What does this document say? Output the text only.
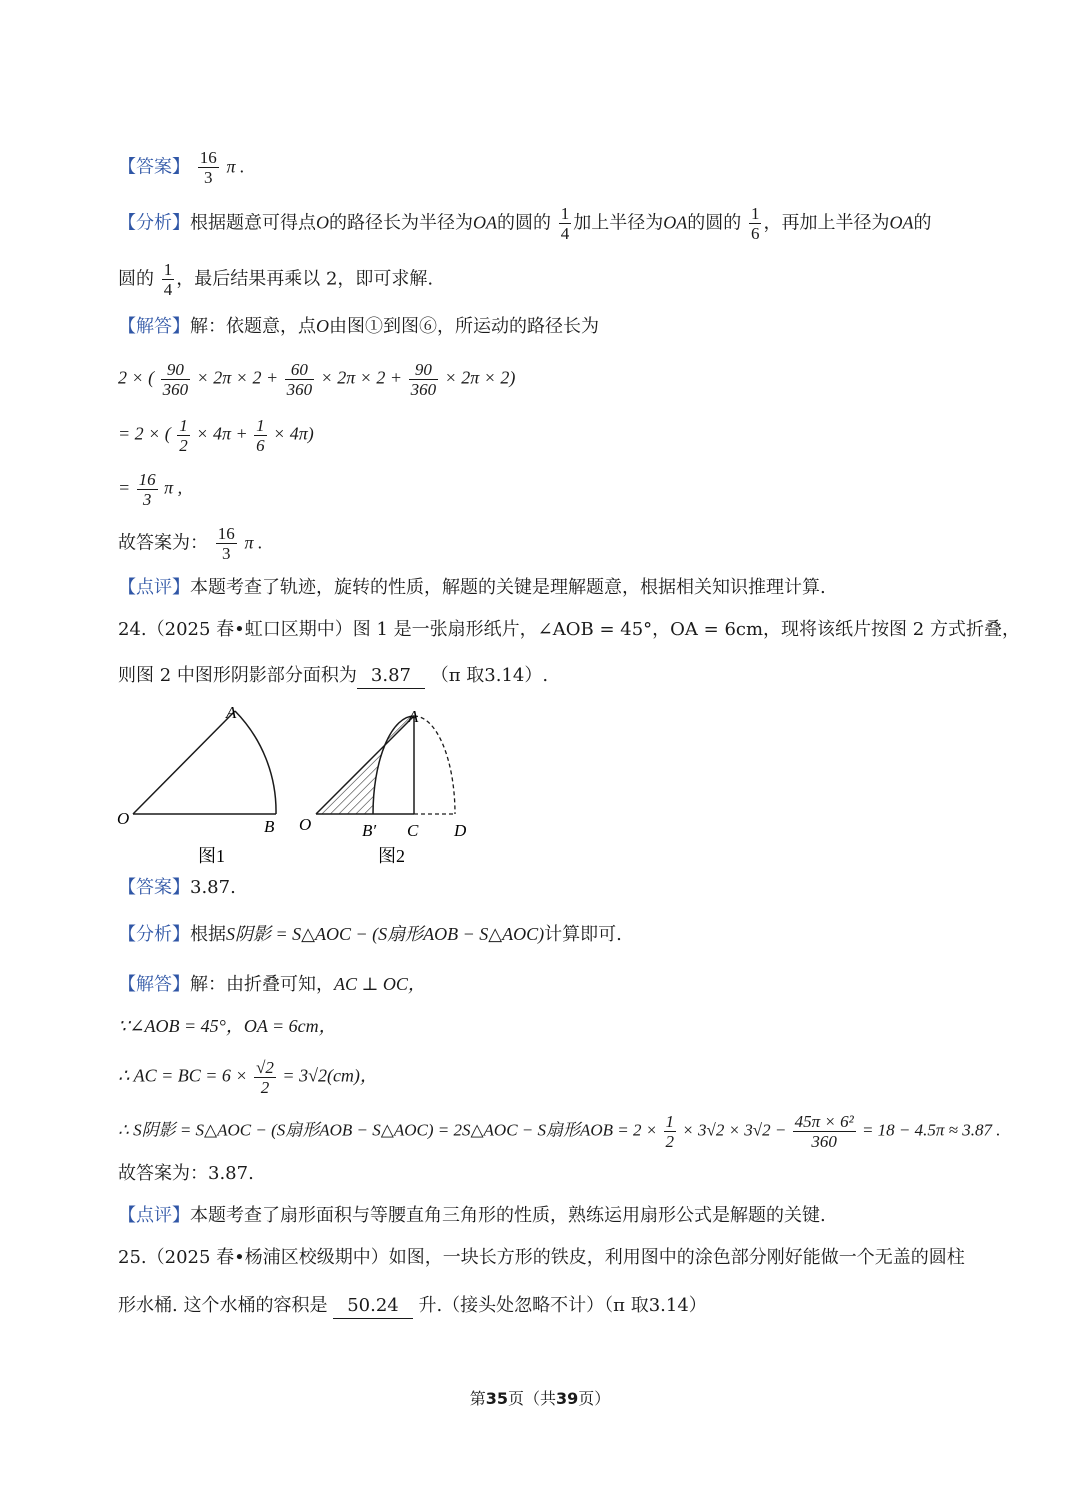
【答案】 $\frac{16}{3}$ π .
【分析】根据题意可得点O的路径长为半径为OA的圆的 $\frac{1}{4}$ 加上半径为OA的圆的 $\frac{1}{6}$ ，再加上半径为OA的
圆的 $\frac{1}{4}$ ，最后结果再乘以 2，即可求解.
【解答】解：依题意，点O由图①到图⑥，所运动的路径长为
2 × ( $\frac{90}{360} \times 2\pi \times 2 + \frac{60}{360} \times 2\pi \times 2 + \frac{90}{360} \times 2\pi \times 2$)
= 2 × ( $\frac{1}{2} \times 4\pi + \frac{1}{6} \times 4\pi$)
= $\frac{16}{3}$ π ,
故答案为： $\frac{16}{3}$ π .
【点评】本题考查了轨迹，旋转的性质，解题的关键是理解题意，根据相关知识推理计算.
24.（2025 春•虹口区期中）图 1 是一张扇形纸片，∠AOB = 45°，OA = 6cm，现将该纸片按图 2 方式折叠，
则图 2 中图形阴影部分面积为 3.87 （π 取3.14）.
A
O	B
图1
A
O	B′ C D
图2
【答案】3.87.
【分析】根据S阴影 = S△AOC − (S扇形AOB − S△AOC)计算即可.
【解答】解：由折叠可知，AC ⊥ OC，
∵∠AOB = 45°，OA = 6cm，
∴ AC = BC = $6 \times \frac{√2}{2} = 3√2(cm)$，
∴ S阴影 = S△AOC − (S扇形AOB − S△AOC) = 2S△AOC − S扇形AOB = $2 \times \frac{1}{2} \times 3√2 \times 3√2 - \frac{\text{45π × 6²}}{360} = 18 - 4.5\pi \approx 3.87$ .
故答案为：3.87.
【点评】本题考查了扇形面积与等腰直角三角形的性质，熟练运用扇形公式是解题的关键.
25.（2025 春•杨浦区校级期中）如图，一块长方形的铁皮，利用图中的涂色部分刚好能做一个无盖的圆柱
形水桶. 这个水桶的容积是 50.24 升.（接头处忽略不计）（π 取3.14）
第35页（共39页）
